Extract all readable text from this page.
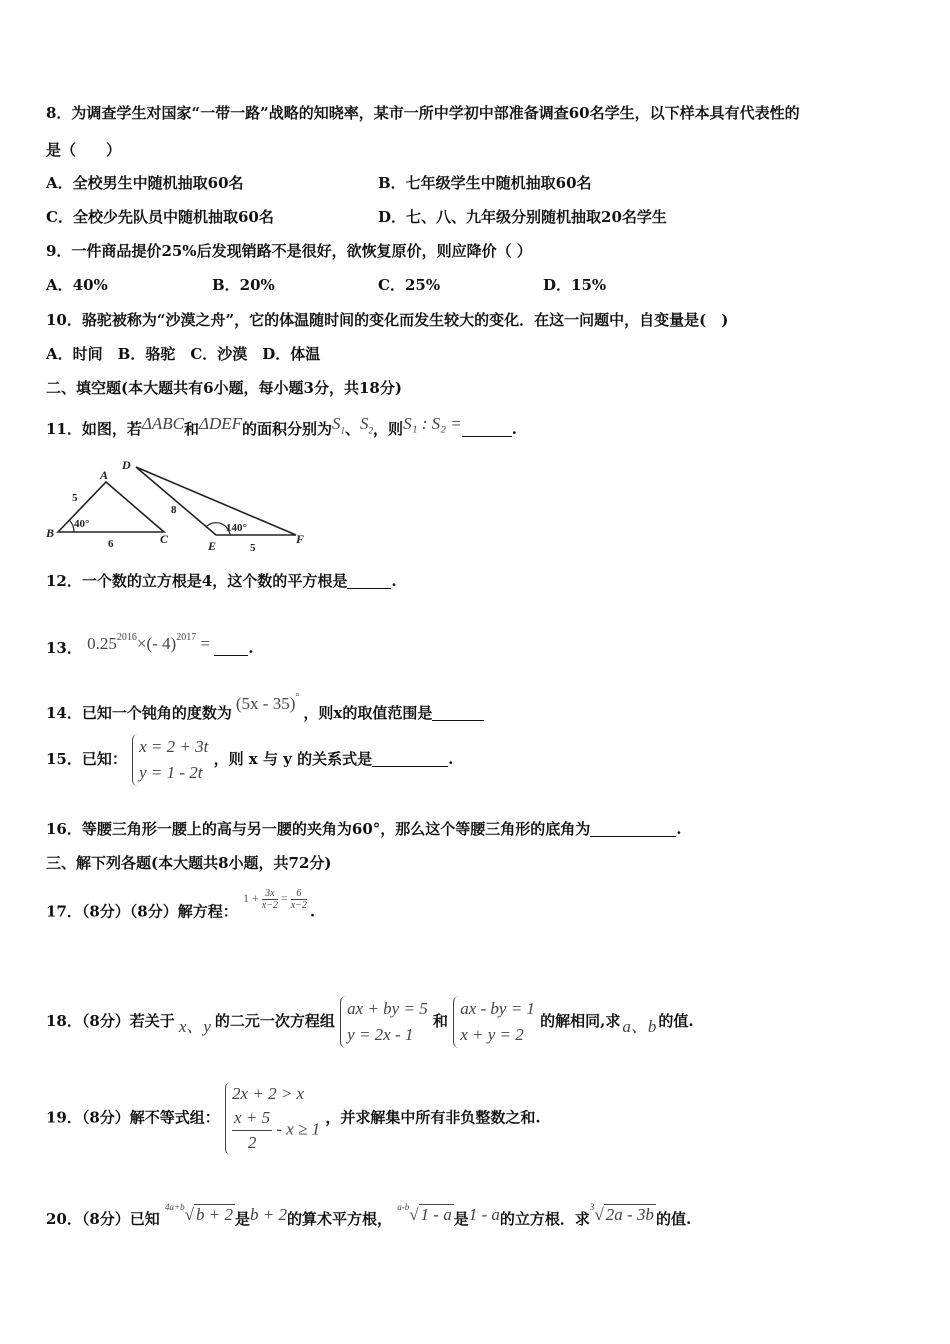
8．为调查学生对国家“一带一路”战略的知晓率，某市一所中学初中部准备调查60名学生，以下样本具有代表性的
是（　　）
A．全校男生中随机抽取60名	B．七年级学生中随机抽取60名
C．全校少先队员中随机抽取60名	D．七、八、九年级分别随机抽取20名学生
9．一件商品提价25%后发现销路不是很好，欲恢复原价，则应降价（ ）
A．40%	B．20%	C．25%	D．15%
10．骆驼被称为“沙漠之舟”，它的体温随时间的变化而发生较大的变化．在这一问题中，自变量是(　)
A．时间　B．骆驼　C．沙漠　D．体温
二、填空题(本大题共有6小题，每小题3分，共18分)
11．如图，若ΔABC和ΔDEF的面积分别为$S_1$、$S_2$，则S₁ : S₂ =	.
A
B	C
D
E	F
5
6
40°
8
5
140°
12．一个数的立方根是4，这个数的平方根是	.
13． $0.25^{2016}\times(-$ 4)$^{2017}$ = .
14．已知一个钝角的度数为 (5x - 35)°，则x的取值范围是
15．已知：
x = 2 + 3t
y = 1 - 2t
，则 x 与 y 的关系式是	.
16．等腰三角形一腰上的高与另一腰的夹角为60°，那么这个等腰三角形的底角为	.
三、解下列各题(本大题共8小题，共72分)
17．（8分）（8分）解方程： $1 + \frac{3x}{x-2} = \frac{6}{x-2}$
.
18．（8分）若关于 x、y 的二元一次方程组
ax + by = 5
y = 2x - 1
和
ax - by = 1
x + y = 2
的解相同,求 a、b 的值.
19．（8分）解不等式组：
2x + 2 > x
$\frac{x + 5}{2} - x \ge 1$
，并求解集中所有非负整数之和.
20．（8分）已知 $^{4a+b}$√ b + 2 是b + 2的算术平方根， $^{a-b}$√ 1 - a 是1 - a的立方根．求$^3$√ 2a - 3b 的值.
